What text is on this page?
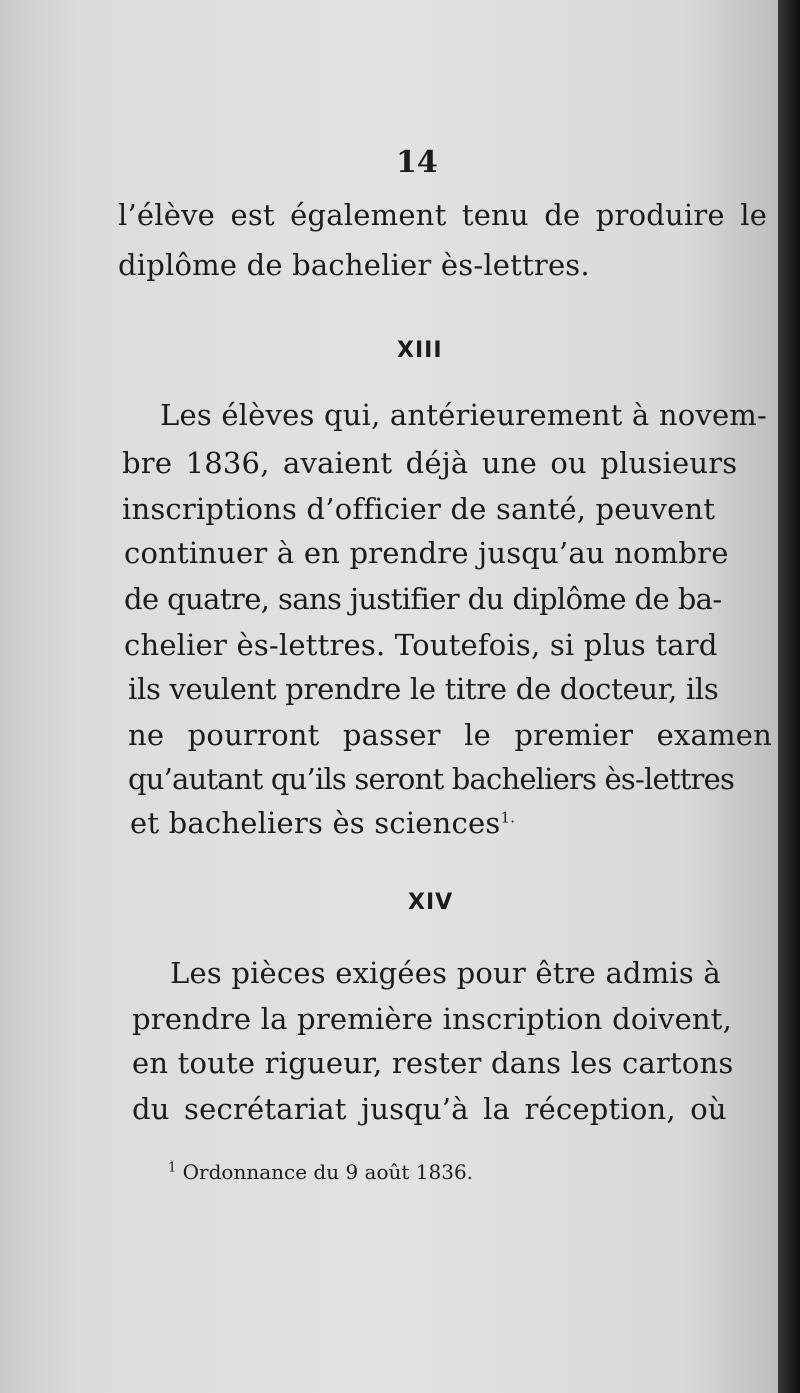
14
l’élève est également tenu de produire le
diplôme de bachelier ès-lettres.
XIII
Les élèves qui, antérieurement à novem-
bre 1836, avaient déjà une ou plusieurs
inscriptions d’officier de santé, peuvent
continuer à en prendre jusqu’au nombre
de quatre, sans justifier du diplôme de ba-
chelier ès-lettres. Toutefois, si plus tard
ils veulent prendre le titre de docteur, ils
ne pourront passer le premier examen
qu’autant qu’ils seront bacheliers ès-lettres
et bacheliers ès sciences$^{1.}$
XIV
Les pièces exigées pour être admis à
prendre la première inscription doivent,
en toute rigueur, rester dans les cartons
du secrétariat jusqu’à la réception, où
$^1$ Ordonnance du 9 août 1836.
